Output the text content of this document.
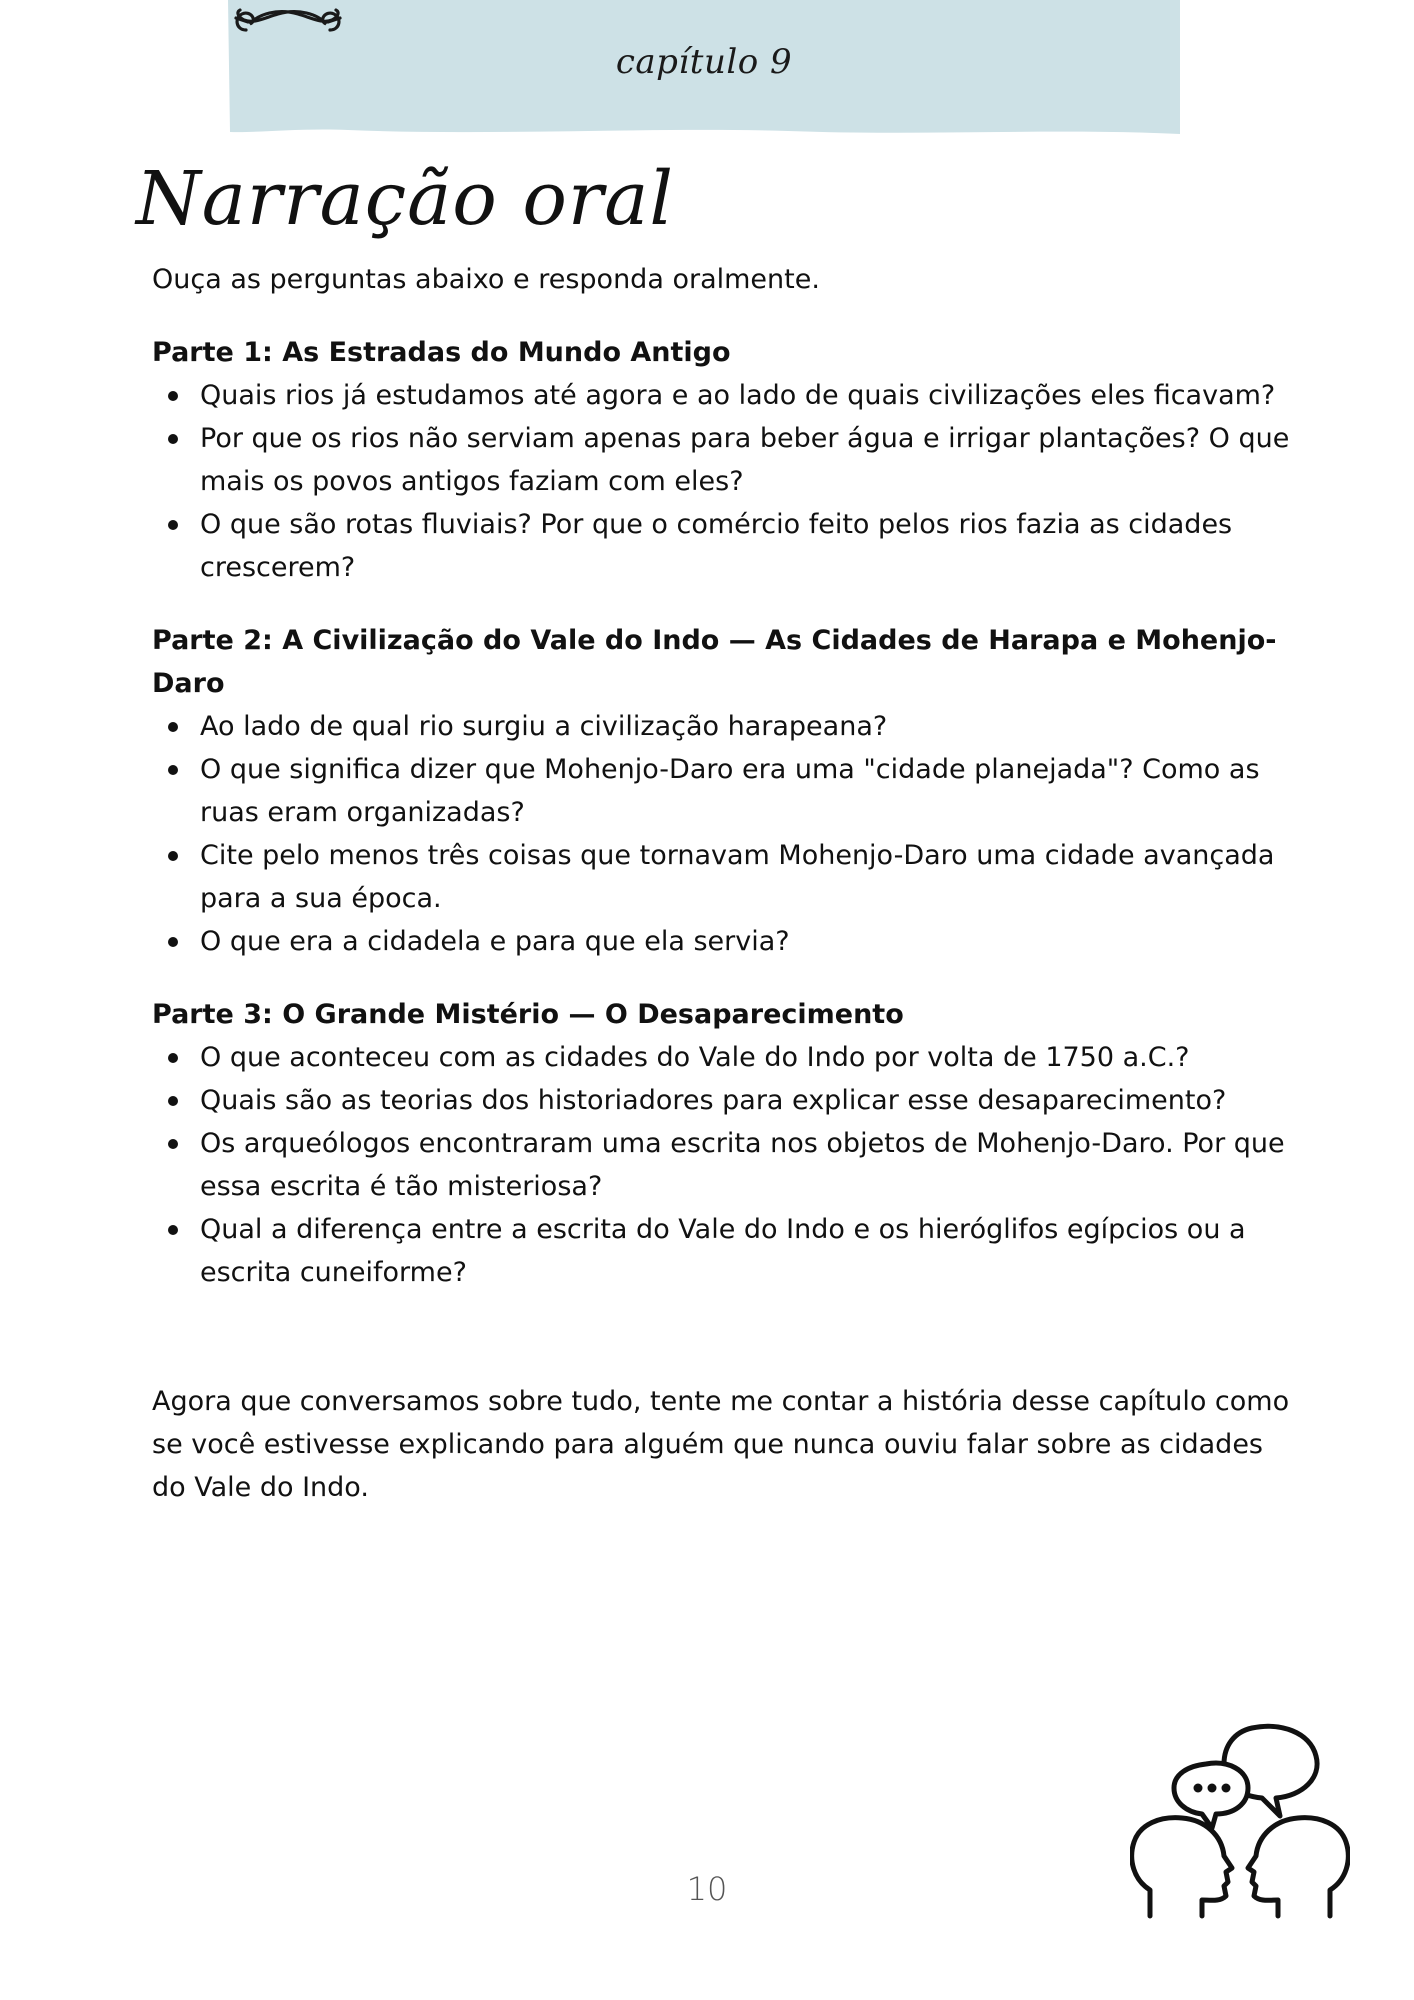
capítulo 9
Narração oral

Ouça as perguntas abaixo e responda oralmente.

Parte 1: As Estradas do Mundo Antigo

Quais rios já estudamos até agora e ao lado de quais civilizações eles ficavam?
Por que os rios não serviam apenas para beber água e irrigar plantações? O que mais os povos antigos faziam com eles?
O que são rotas fluviais? Por que o comércio feito pelos rios fazia as cidades crescerem?

Parte 2: A Civilização do Vale do Indo — As Cidades de Harapa e Mohenjo-Daro

Ao lado de qual rio surgiu a civilização harapeana?
O que significa dizer que Mohenjo-Daro era uma "cidade planejada"? Como as ruas eram organizadas?
Cite pelo menos três coisas que tornavam Mohenjo-Daro uma cidade avançada para a sua época.
O que era a cidadela e para que ela servia?

Parte 3: O Grande Mistério — O Desaparecimento

O que aconteceu com as cidades do Vale do Indo por volta de 1750 a.C.?
Quais são as teorias dos historiadores para explicar esse desaparecimento?
Os arqueólogos encontraram uma escrita nos objetos de Mohenjo-Daro. Por que essa escrita é tão misteriosa?
Qual a diferença entre a escrita do Vale do Indo e os hieróglifos egípcios ou a escrita cuneiforme?

Agora que conversamos sobre tudo, tente me contar a história desse capítulo como se você estivesse explicando para alguém que nunca ouviu falar sobre as cidades do Vale do Indo.

10
